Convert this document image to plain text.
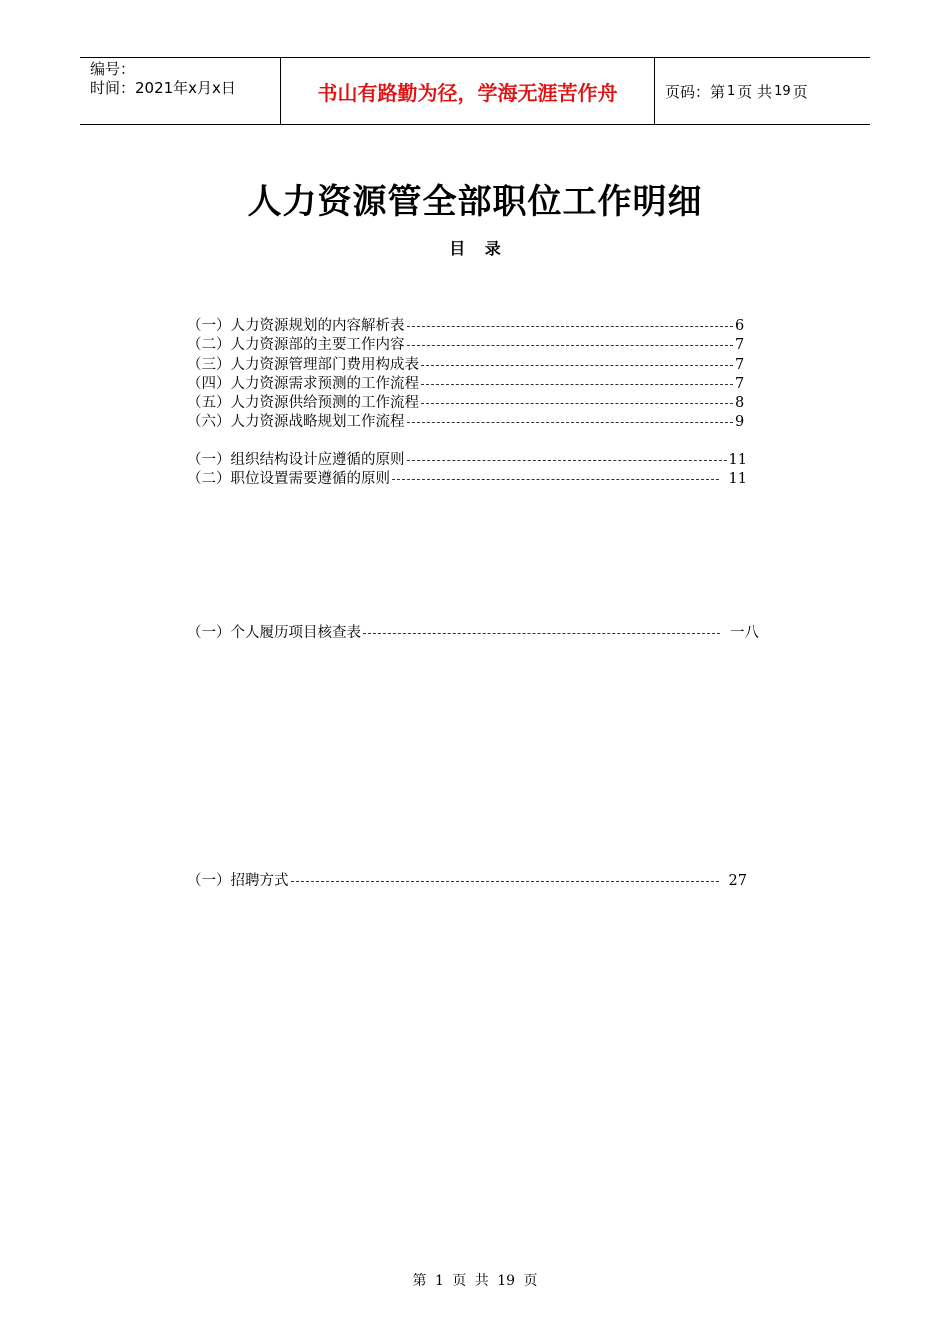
编号：
时间：2021年x月x日	书山有路勤为径，学海无涯苦作舟	页码：第 1 页 共 19 页
人力资源管全部职位工作明细
目 录
（一）人力资源规划的内容解析表	6
（二）人力资源部的主要工作内容	7
（三）人力资源管理部门费用构成表	7
（四）人力资源需求预测的工作流程	7
（五）人力资源供给预测的工作流程	8
（六）人力资源战略规划工作流程	9
（一）组织结构设计应遵循的原则	11
（二）职位设置需要遵循的原则	11
（一）个人履历项目核查表	一八
（一）招聘方式	27
第 1 页 共 19 页
